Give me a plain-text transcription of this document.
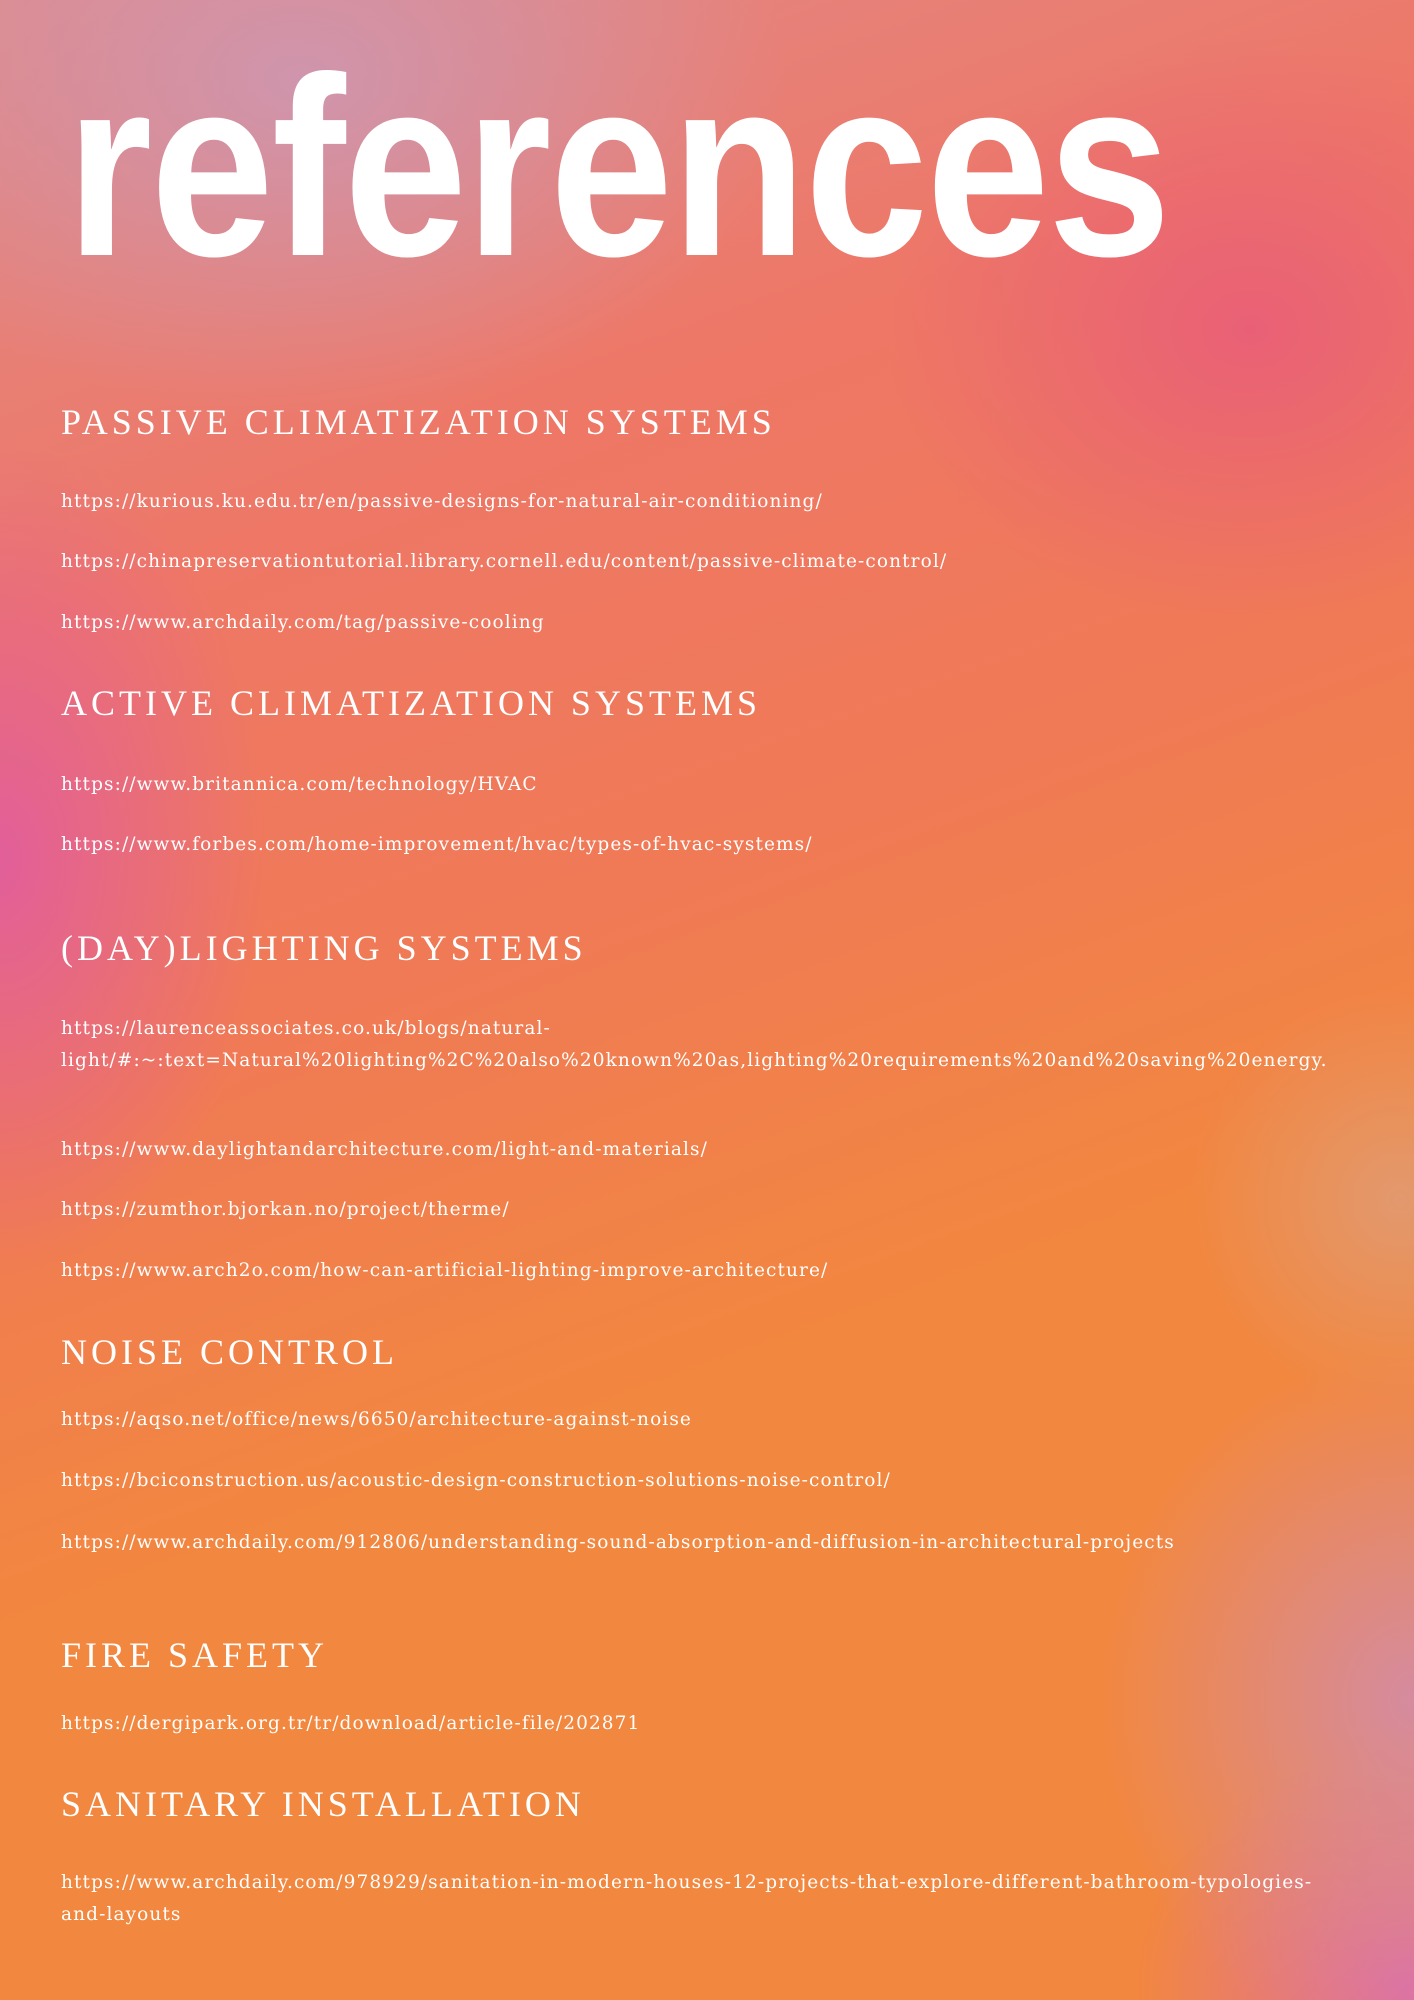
references
PASSIVE CLIMATIZATION SYSTEMS
https://kurious.ku.edu.tr/en/passive-designs-for-natural-air-conditioning/
https://chinapreservationtutorial.library.cornell.edu/content/passive-climate-control/
https://www.archdaily.com/tag/passive-cooling
ACTIVE CLIMATIZATION SYSTEMS
https://www.britannica.com/technology/HVAC
https://www.forbes.com/home-improvement/hvac/types-of-hvac-systems/
(DAY)LIGHTING SYSTEMS
https://laurenceassociates.co.uk/blogs/natural-light/#:~:text=Natural%20lighting%2C%20also%20known%20as,lighting%20requirements%20and%20saving%20energy.
https://www.daylightandarchitecture.com/light-and-materials/
https://zumthor.bjorkan.no/project/therme/
https://www.arch2o.com/how-can-artificial-lighting-improve-architecture/
NOISE CONTROL
https://aqso.net/office/news/6650/architecture-against-noise
https://bciconstruction.us/acoustic-design-construction-solutions-noise-control/
https://www.archdaily.com/912806/understanding-sound-absorption-and-diffusion-in-architectural-projects
FIRE SAFETY
https://dergipark.org.tr/tr/download/article-file/202871
SANITARY INSTALLATION
https://www.archdaily.com/978929/sanitation-in-modern-houses-12-projects-that-explore-different-bathroom-typologies-and-layouts
